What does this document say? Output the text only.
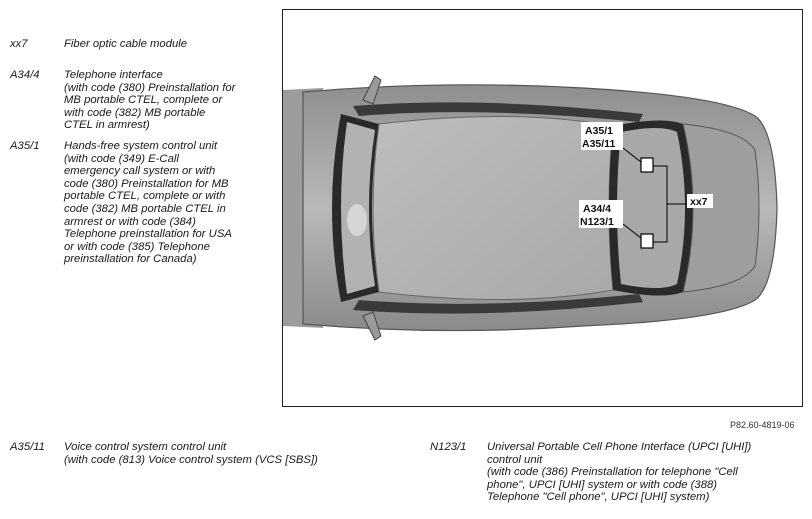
xx7	Fiber optic cable module
A34/4	Telephone interface
(with code (380) Preinstallation for
MB portable CTEL, complete or
with code (382) MB portable
CTEL in armrest)
A35/1	Hands-free system control unit
(with code (349) E-Call
emergency call system or with
code (380) Preinstallation for MB
portable CTEL, complete or with
code (382) MB portable CTEL in
armrest or with code (384)
Telephone preinstallation for USA
or with code (385) Telephone
preinstallation for Canada)
A35/1
A35/11
A34/4
N123/1
xx7
P82.60-4819-06
A35/11	Voice control system control unit
(with code (813) Voice control system (VCS [SBS])
N123/1 Universal Portable Cell Phone Interface (UPCI [UHI])
control unit
(with code (386) Preinstallation for telephone "Cell
phone", UPCI [UHI] system or with code (388)
Telephone "Cell phone", UPCI [UHI] system)
